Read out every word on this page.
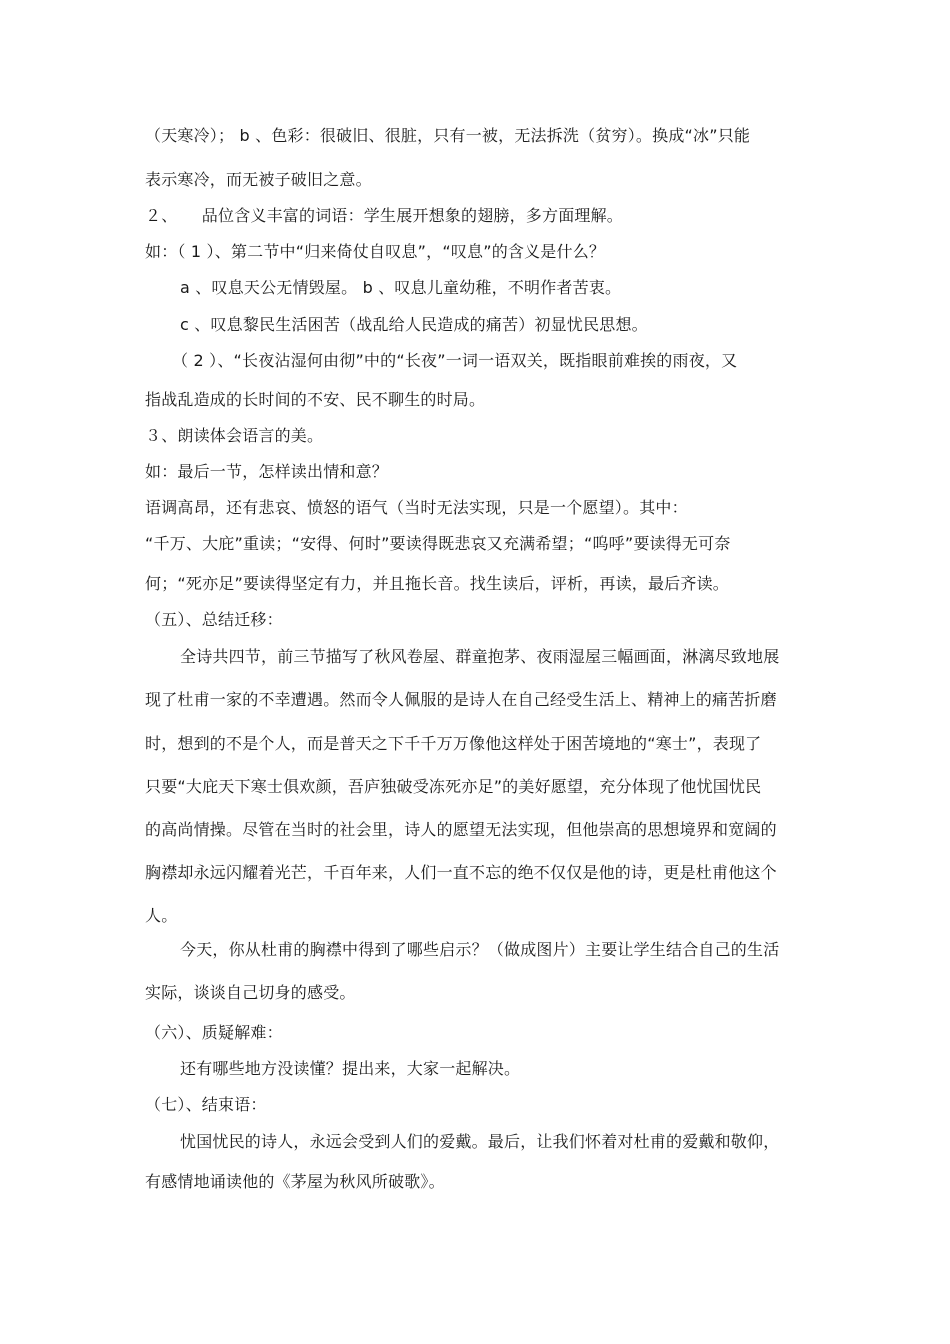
（天寒冷）； b 、色彩：很破旧、很脏，只有一被，无法拆洗（贫穷）。换成“冰”只能
表示寒冷，而无被子破旧之意。
２、　　品位含义丰富的词语：学生展开想象的翅膀，多方面理解。
如：（ 1 ）、第二节中“归来倚仗自叹息”，“叹息”的含义是什么？
a 、叹息天公无情毁屋。 b 、叹息儿童幼稚，不明作者苦衷。
c 、叹息黎民生活困苦（战乱给人民造成的痛苦）初显忧民思想。
（ 2 ）、“长夜沾湿何由彻”中的“长夜”一词一语双关，既指眼前难挨的雨夜，又
指战乱造成的长时间的不安、民不聊生的时局。
３、朗读体会语言的美。
如：最后一节，怎样读出情和意？
语调高昂，还有悲哀、愤怒的语气（当时无法实现，只是一个愿望）。其中：
“千万、大庇”重读；“安得、何时”要读得既悲哀又充满希望；“呜呼”要读得无可奈
何；“死亦足”要读得坚定有力，并且拖长音。找生读后，评析，再读，最后齐读。
（五）、总结迁移：
全诗共四节，前三节描写了秋风卷屋、群童抱茅、夜雨湿屋三幅画面，淋漓尽致地展
现了杜甫一家的不幸遭遇。然而令人佩服的是诗人在自己经受生活上、精神上的痛苦折磨
时，想到的不是个人，而是普天之下千千万万像他这样处于困苦境地的“寒士”，表现了
只要“大庇天下寒士俱欢颜，吾庐独破受冻死亦足”的美好愿望，充分体现了他忧国忧民
的高尚情操。尽管在当时的社会里，诗人的愿望无法实现，但他崇高的思想境界和宽阔的
胸襟却永远闪耀着光芒，千百年来，人们一直不忘的绝不仅仅是他的诗，更是杜甫他这个
人。
今天，你从杜甫的胸襟中得到了哪些启示？（做成图片）主要让学生结合自己的生活
实际，谈谈自己切身的感受。
（六）、质疑解难：
还有哪些地方没读懂？提出来，大家一起解决。
（七）、结束语：
忧国忧民的诗人，永远会受到人们的爱戴。最后，让我们怀着对杜甫的爱戴和敬仰，
有感情地诵读他的《茅屋为秋风所破歌》。
